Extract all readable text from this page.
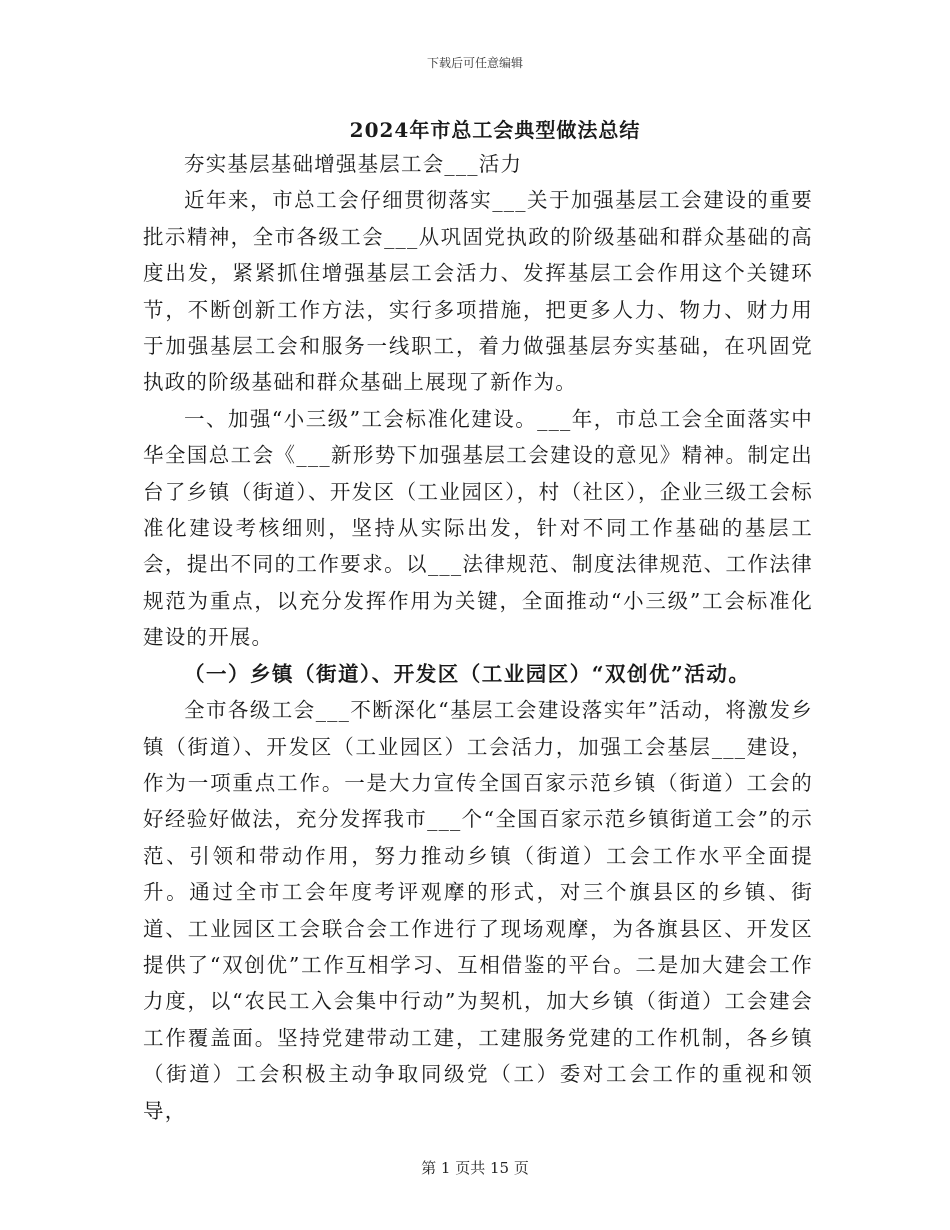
下载后可任意编辑
2024年市总工会典型做法总结

夯实基层基础增强基层工会___活力

近年来，市总工会仔细贯彻落实___关于加强基层工会建设的重要批示精神，全市各级工会___从巩固党执政的阶级基础和群众基础的高度出发，紧紧抓住增强基层工会活力、发挥基层工会作用这个关键环节，不断创新工作方法，实行多项措施，把更多人力、物力、财力用于加强基层工会和服务一线职工，着力做强基层夯实基础，在巩固党执政的阶级基础和群众基础上展现了新作为。

一、加强“小三级”工会标准化建设。___年，市总工会全面落实中华全国总工会《___新形势下加强基层工会建设的意见》精神。制定出台了乡镇（街道）、开发区（工业园区），村（社区），企业三级工会标准化建设考核细则，坚持从实际出发，针对不同工作基础的基层工会，提出不同的工作要求。以___法律规范、制度法律规范、工作法律规范为重点，以充分发挥作用为关键，全面推动“小三级”工会标准化建设的开展。

（一）乡镇（街道）、开发区（工业园区）“双创优”活动。

全市各级工会___不断深化“基层工会建设落实年”活动，将激发乡镇（街道）、开发区（工业园区）工会活力，加强工会基层___建设，作为一项重点工作。一是大力宣传全国百家示范乡镇（街道）工会的好经验好做法，充分发挥我市___个“全国百家示范乡镇街道工会”的示范、引领和带动作用，努力推动乡镇（街道）工会工作水平全面提升。通过全市工会年度考评观摩的形式，对三个旗县区的乡镇、街道、工业园区工会联合会工作进行了现场观摩，为各旗县区、开发区提供了“双创优”工作互相学习、互相借鉴的平台。二是加大建会工作力度，以“农民工入会集中行动”为契机，加大乡镇（街道）工会建会工作覆盖面。坚持党建带动工建，工建服务党建的工作机制，各乡镇（街道）工会积极主动争取同级党（工）委对工会工作的重视和领导，

第 1 页共 15 页
